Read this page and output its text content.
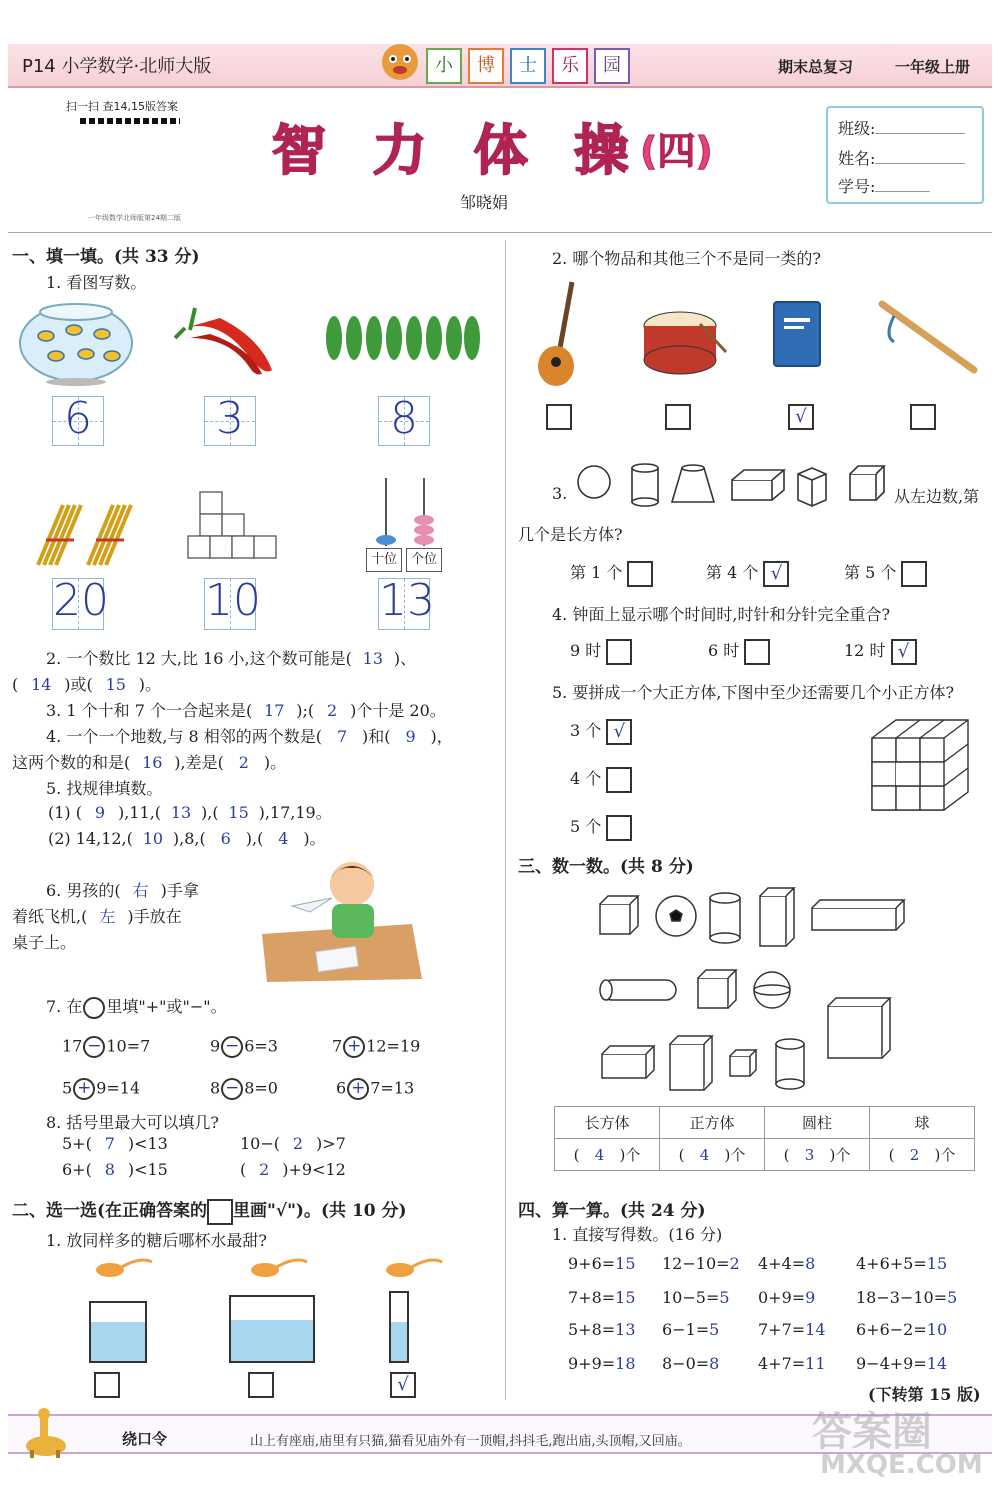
P14 小学数学·北师大版	小	博	士	乐	园	期末总复习	一年级上册
扫一扫 查14,15版答案
一年级数学北师版第24期二版
智 力 体 操
(四)
邹晓娟
班级:
姓名:
学号:
一、填一填。(共 33 分)
1. 看图写数。
6	3	8
十位	个位
20 10	13
2. 一个数比 12 大,比 16 小,这个数可能是( 13 )、
( 14 )或( 15 )。
3. 1 个十和 7 个一合起来是( 17 );( 2 )个十是 20。
4. 一个一个地数,与 8 相邻的两个数是( 7 )和( 9 )，
这两个数的和是( 16 ),差是( 2 )。
5. 找规律填数。
(1) ( 9 ),11,( 13 ),( 15 ),17,19。
(2) 14,12,( 10 ),8,( 6 ),( 4 )。
6. 男孩的( 右 )手拿
着纸飞机,( 左 )手放在
桌子上。
7. 在 里填"+"或"−"。
17 − 10=7	9 − 6=3	7 + 12=19
5 + 9=14	8 − 8=0	6 + 7=13
8. 括号里最大可以填几?
5+( 7 )<13	10−( 2 )>7
6+( 8 )<15	( 2 )+9<12
二、选一选(在正确答案的 里画"√")。(共 10 分)
1. 放同样多的糖后哪杯水最甜?
√
2. 哪个物品和其他三个不是同一类的?
√
3.	从左边数,第
几个是长方体?
第 1 个	第 4 个 √	第 5 个
4. 钟面上显示哪个时间时,时针和分针完全重合?
9 时	6 时	12 时 √
5. 要拼成一个大正方体,下图中至少还需要几个小正方体?
3 个 √
4 个
5 个
三、数一数。(共 8 分)
长方体	正方体	圆柱	球
( 4 )个	( 4 )个	( 3 )个	( 2 )个
四、算一算。(共 24 分)
1. 直接写得数。(16 分)
9+6=15 12−10=2 4+4=8	4+6+5=15
7+8=15 10−5=5 0+9=9	18−3−10=5
5+8=13 6−1=5 7+7=14 6+6−2=10
9+9=18 8−0=8 4+7=11 9−4+9=14
(下转第 15 版)
绕口令	山上有座庙,庙里有只猫,猫看见庙外有一顶帽,抖抖毛,跑出庙,头顶帽,又回庙。	答案圈
MXQE.COM
